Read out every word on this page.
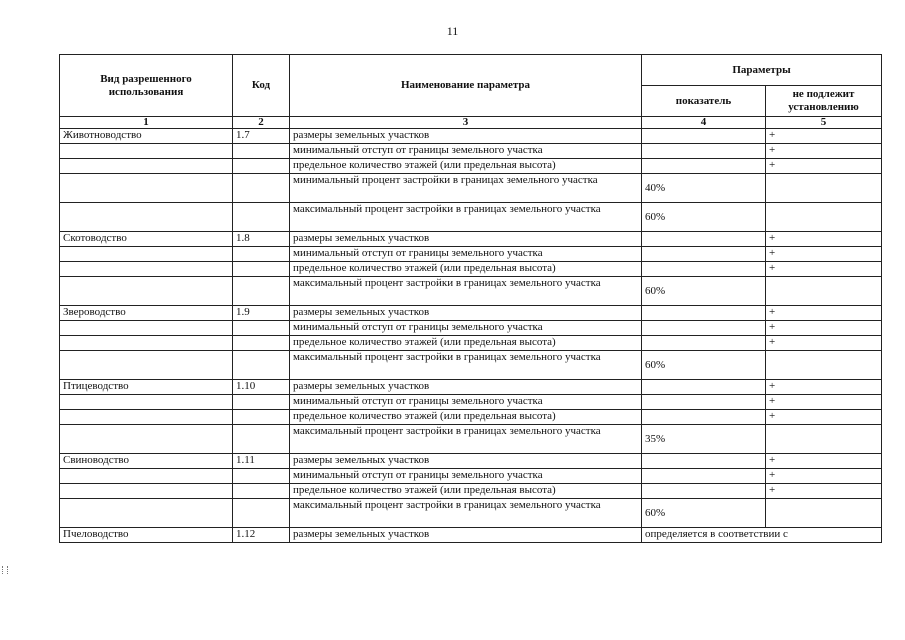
11
Вид разрешенного использования	Код	Наименование параметра	Параметры	
			показатель	не подлежит установлению
1	2	3	4	5
Животноводство	1.7	размеры земельных участков		+
		минимальный отступ от границы земельного участка		+
		предельное количество этажей (или предельная высота)		+
		минимальный процент застройки в границах земельного участка	40%	
		максимальный процент застройки в границах земельного участка	60%	
Скотоводство	1.8	размеры земельных участков		+
		минимальный отступ от границы земельного участка		+
		предельное количество этажей (или предельная высота)		+
		максимальный процент застройки в границах земельного участка	60%	
Звероводство	1.9	размеры земельных участков		+
		минимальный отступ от границы земельного участка		+
		предельное количество этажей (или предельная высота)		+
		максимальный процент застройки в границах земельного участка	60%	
Птицеводство	1.10	размеры земельных участков		+
		минимальный отступ от границы земельного участка		+
		предельное количество этажей (или предельная высота)		+
		максимальный процент застройки в границах земельного участка	35%	
Свиноводство	1.11	размеры земельных участков		+
		минимальный отступ от границы земельного участка		+
		предельное количество этажей (или предельная высота)		+
		максимальный процент застройки в границах земельного участка	60%	
Пчеловодство	1.12	размеры земельных участков	определяется в соответствии с	
